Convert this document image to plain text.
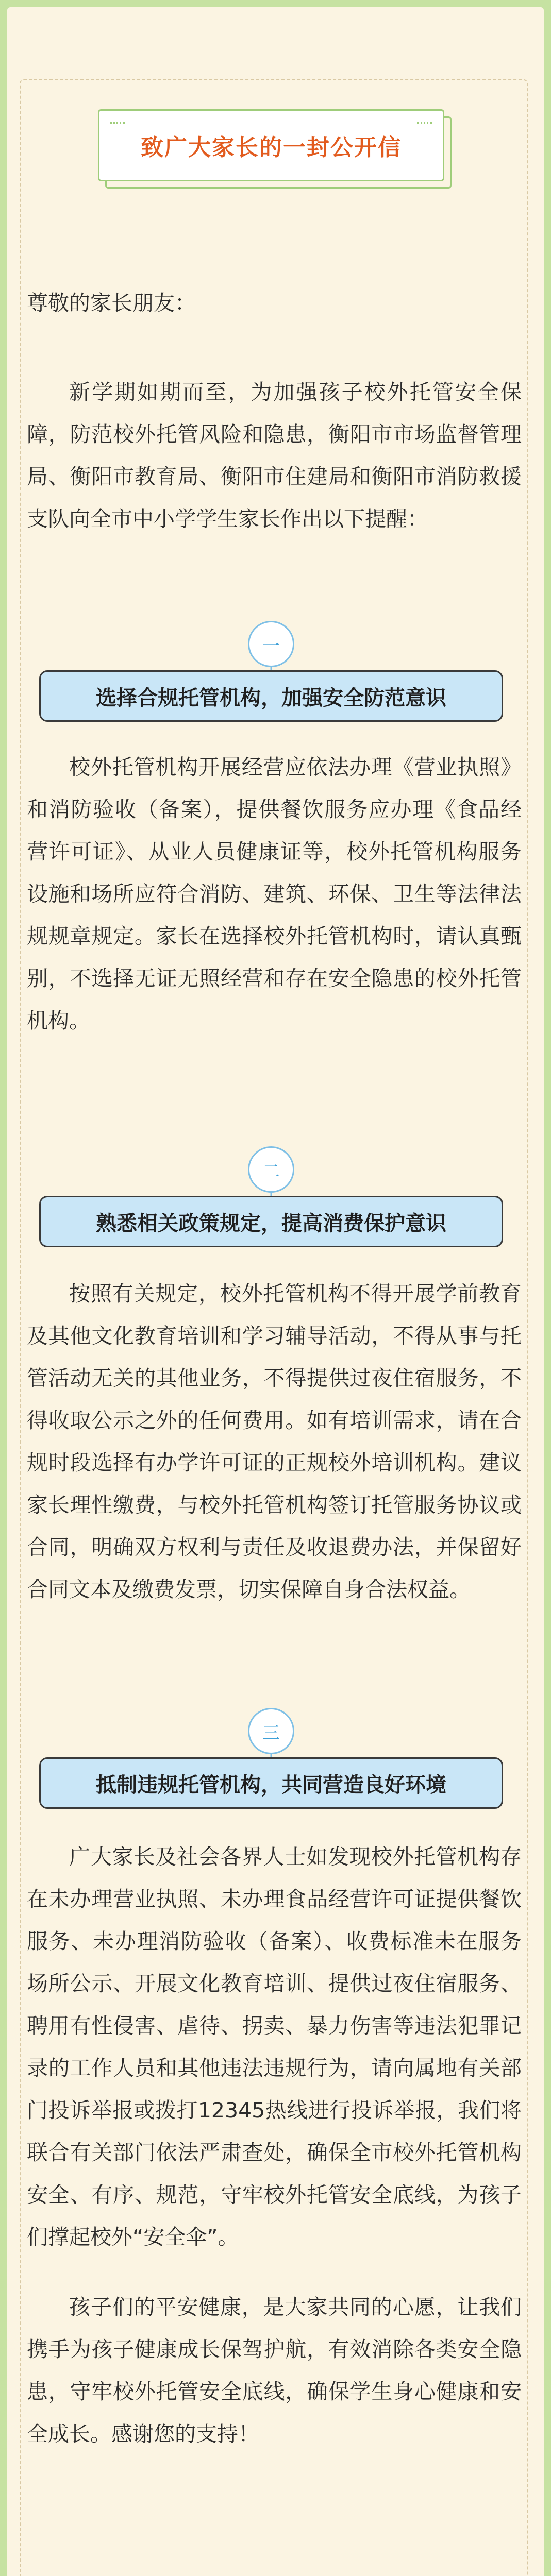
致广大家长的一封公开信
尊敬的家长朋友：

新学期如期而至，为加强孩子校外托管安全保障，防范校外托管风险和隐患，衡阳市市场监督管理局、衡阳市教育局、衡阳市住建局和衡阳市消防救援支队向全市中小学学生家长作出以下提醒：

一
选择合规托管机构，加强安全防范意识

校外托管机构开展经营应依法办理《营业执照》和消防验收（备案），提供餐饮服务应办理《食品经营许可证》、从业人员健康证等，校外托管机构服务设施和场所应符合消防、建筑、环保、卫生等法律法规规章规定。家长在选择校外托管机构时，请认真甄别，不选择无证无照经营和存在安全隐患的校外托管机构。

二
熟悉相关政策规定，提高消费保护意识

按照有关规定，校外托管机构不得开展学前教育及其他文化教育培训和学习辅导活动，不得从事与托管活动无关的其他业务，不得提供过夜住宿服务，不得收取公示之外的任何费用。如有培训需求，请在合规时段选择有办学许可证的正规校外培训机构。建议家长理性缴费，与校外托管机构签订托管服务协议或合同，明确双方权利与责任及收退费办法，并保留好合同文本及缴费发票，切实保障自身合法权益。

三
抵制违规托管机构，共同营造良好环境

广大家长及社会各界人士如发现校外托管机构存在未办理营业执照、未办理食品经营许可证提供餐饮服务、未办理消防验收（备案）、收费标准未在服务场所公示、开展文化教育培训、提供过夜住宿服务、聘用有性侵害、虐待、拐卖、暴力伤害等违法犯罪记录的工作人员和其他违法违规行为，请向属地有关部门投诉举报或拨打12345热线进行投诉举报，我们将联合有关部门依法严肃查处，确保全市校外托管机构安全、有序、规范，守牢校外托管安全底线，为孩子们撑起校外“安全伞”。

孩子们的平安健康，是大家共同的心愿，让我们携手为孩子健康成长保驾护航，有效消除各类安全隐患，守牢校外托管安全底线，确保学生身心健康和安全成长。感谢您的支持！
